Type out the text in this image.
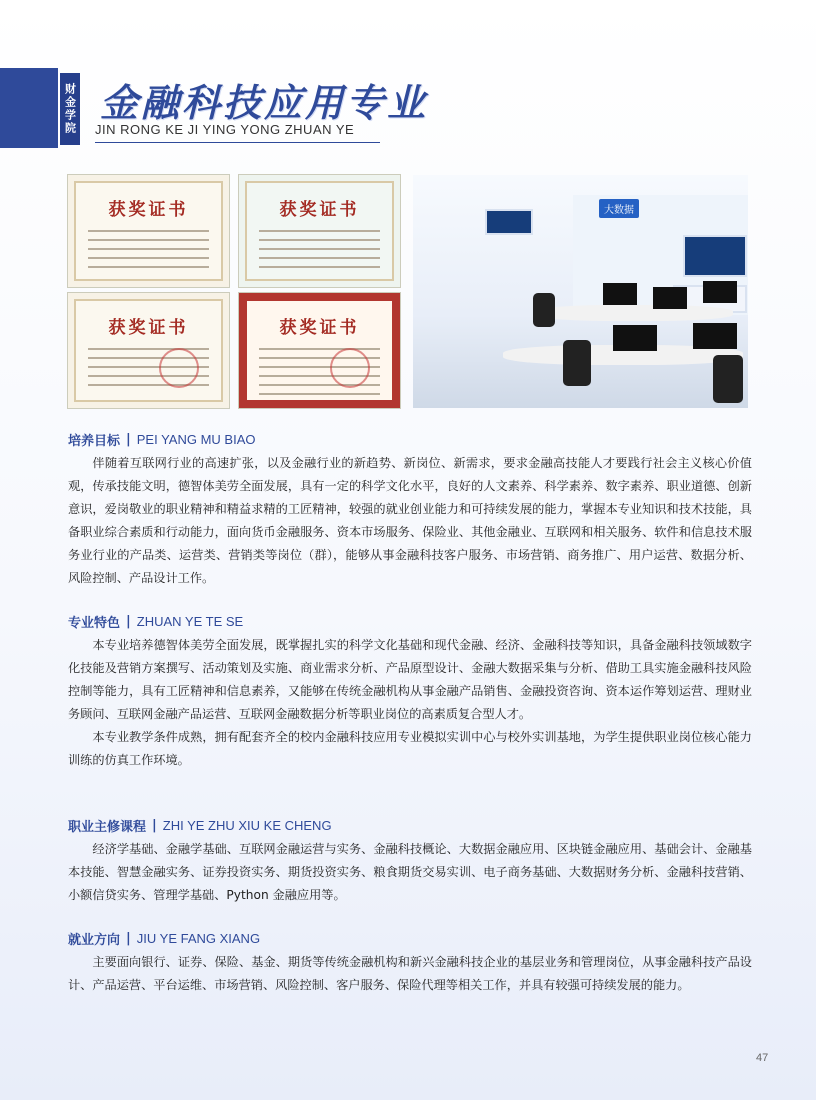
财金学院 金融科技应用专业
JIN RONG KE JI YING YONG ZHUAN YE
获奖证书	获奖证书
获奖证书	获奖证书
大数据
培养目标 | PEI YANG MU BIAO

伴随着互联网行业的高速扩张，以及金融行业的新趋势、新岗位、新需求，要求金融高技能人才要践行社会主义核心价值观，传承技能文明，德智体美劳全面发展，具有一定的科学文化水平，良好的人文素养、科学素养、数字素养、职业道德、创新意识，爱岗敬业的职业精神和精益求精的工匠精神，较强的就业创业能力和可持续发展的能力，掌握本专业知识和技术技能，具备职业综合素质和行动能力，面向货币金融服务、资本市场服务、保险业、其他金融业、互联网和相关服务、软件和信息技术服务业行业的产品类、运营类、营销类等岗位（群），能够从事金融科技客户服务、市场营销、商务推广、用户运营、数据分析、风险控制、产品设计工作。

专业特色 | ZHUAN YE TE SE

本专业培养德智体美劳全面发展，既掌握扎实的科学文化基础和现代金融、经济、金融科技等知识，具备金融科技领域数字化技能及营销方案撰写、活动策划及实施、商业需求分析、产品原型设计、金融大数据采集与分析、借助工具实施金融科技风险控制等能力，具有工匠精神和信息素养，又能够在传统金融机构从事金融产品销售、金融投资咨询、资本运作筹划运营、理财业务顾问、互联网金融产品运营、互联网金融数据分析等职业岗位的高素质复合型人才。

本专业教学条件成熟，拥有配套齐全的校内金融科技应用专业模拟实训中心与校外实训基地，为学生提供职业岗位核心能力训练的仿真工作环境。

职业主修课程 | ZHI YE ZHU XIU KE CHENG

经济学基础、金融学基础、互联网金融运营与实务、金融科技概论、大数据金融应用、区块链金融应用、基础会计、金融基本技能、智慧金融实务、证券投资实务、期货投资实务、粮食期货交易实训、电子商务基础、大数据财务分析、金融科技营销、小额信贷实务、管理学基础、Python 金融应用等。

就业方向 | JIU YE FANG XIANG

主要面向银行、证券、保险、基金、期货等传统金融机构和新兴金融科技企业的基层业务和管理岗位，从事金融科技产品设计、产品运营、平台运维、市场营销、风险控制、客户服务、保险代理等相关工作，并具有较强可持续发展的能力。

47
